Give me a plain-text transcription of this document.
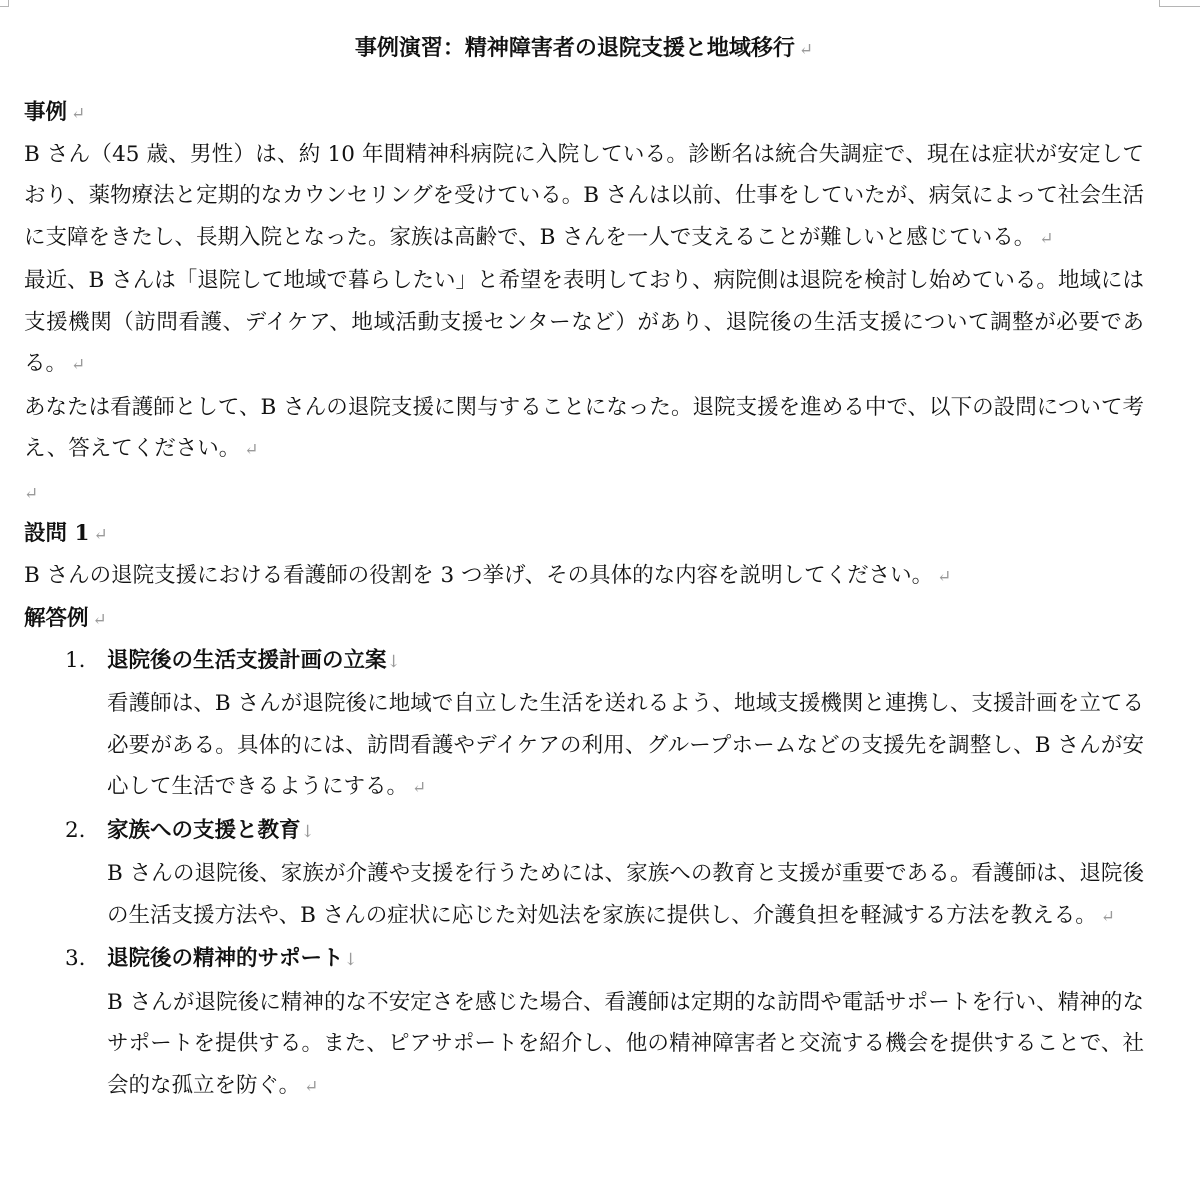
事例演習：精神障害者の退院支援と地域移行 ↵
事例 ↵
B さん（45 歳、男性）は、約 10 年間精神科病院に入院している。診断名は統合失調症で、現在は症状が安定しており、薬物療法と定期的なカウンセリングを受けている。B さんは以前、仕事をしていたが、病気によって社会生活に支障をきたし、長期入院となった。家族は高齢で、B さんを一人で支えることが難しいと感じている。 ↵
最近、B さんは「退院して地域で暮らしたい」と希望を表明しており、病院側は退院を検討し始めている。地域には支援機関（訪問看護、デイケア、地域活動支援センターなど）があり、退院後の生活支援について調整が必要である。 ↵
あなたは看護師として、B さんの退院支援に関与することになった。退院支援を進める中で、以下の設問について考え、答えてください。 ↵
↵
設問 1 ↵
B さんの退院支援における看護師の役割を 3 つ挙げ、その具体的な内容を説明してください。 ↵
解答例 ↵
1. 退院後の生活支援計画の立案↓
看護師は、B さんが退院後に地域で自立した生活を送れるよう、地域支援機関と連携し、支援計画を立てる必要がある。具体的には、訪問看護やデイケアの利用、グループホームなどの支援先を調整し、B さんが安心して生活できるようにする。 ↵
2. 家族への支援と教育↓
B さんの退院後、家族が介護や支援を行うためには、家族への教育と支援が重要である。看護師は、退院後の生活支援方法や、B さんの症状に応じた対処法を家族に提供し、介護負担を軽減する方法を教える。 ↵
3. 退院後の精神的サポート↓
B さんが退院後に精神的な不安定さを感じた場合、看護師は定期的な訪問や電話サポートを行い、精神的なサポートを提供する。また、ピアサポートを紹介し、他の精神障害者と交流する機会を提供することで、社会的な孤立を防ぐ。 ↵
